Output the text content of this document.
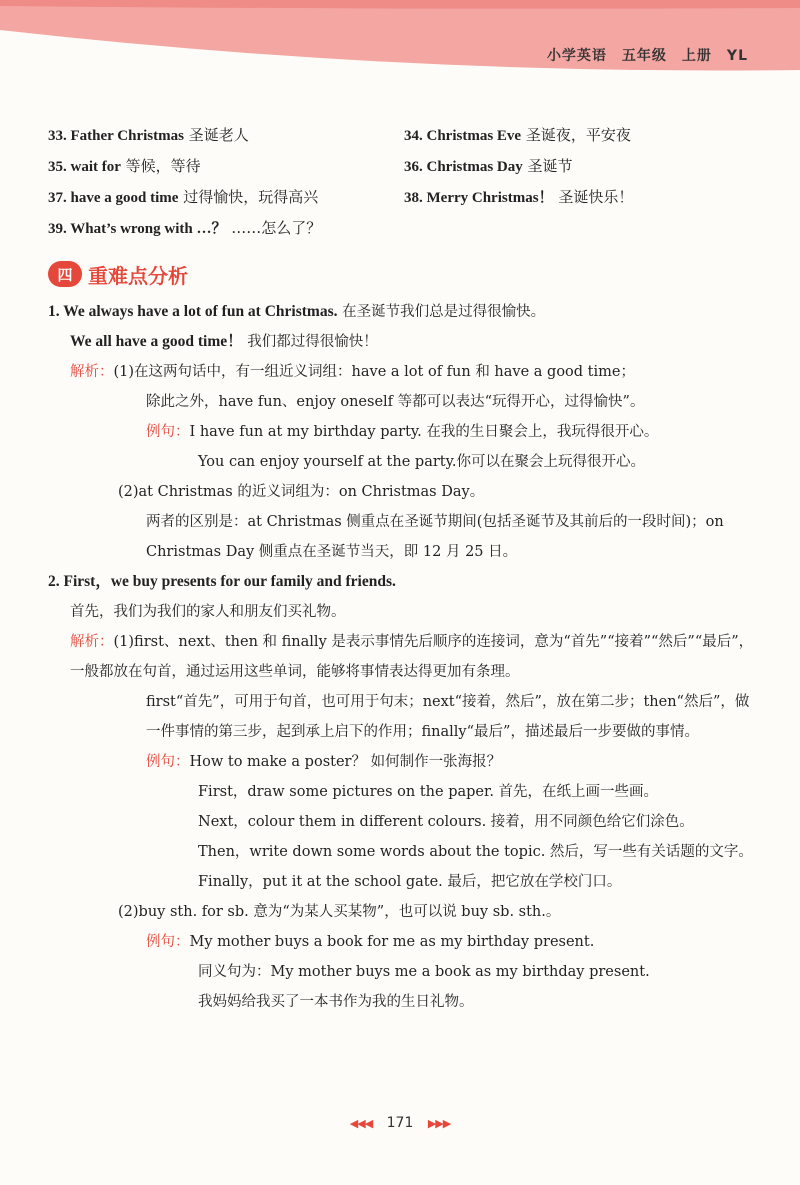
小学英语　五年级　上册　YL
33. Father Christmas 圣诞老人	34. Christmas Eve 圣诞夜，平安夜
35. wait for 等候，等待	36. Christmas Day 圣诞节
37. have a good time 过得愉快，玩得高兴	38. Merry Christmas！ 圣诞快乐！
39. What’s wrong with …？ ……怎么了？
四 重难点分析
1. We always have a lot of fun at Christmas. 在圣诞节我们总是过得很愉快。
We all have a good time！ 我们都过得很愉快！
解析：(1)在这两句话中，有一组近义词组：have a lot of fun 和 have a good time；
除此之外，have fun、enjoy oneself 等都可以表达“玩得开心，过得愉快”。
例句：I have fun at my birthday party. 在我的生日聚会上，我玩得很开心。
You can enjoy yourself at the party.你可以在聚会上玩得很开心。
(2)at Christmas 的近义词组为：on Christmas Day。
两者的区别是：at Christmas 侧重点在圣诞节期间(包括圣诞节及其前后的一段时间)；on Christmas Day 侧重点在圣诞节当天，即 12 月 25 日。
2. First，we buy presents for our family and friends.
首先，我们为我们的家人和朋友们买礼物。
解析：(1)first、next、then 和 finally 是表示事情先后顺序的连接词，意为“首先”“接着”“然后”“最后”，一般都放在句首，通过运用这些单词，能够将事情表达得更加有条理。
first“首先”，可用于句首，也可用于句末；next“接着，然后”，放在第二步；then“然后”，做一件事情的第三步，起到承上启下的作用；finally“最后”，描述最后一步要做的事情。
例句：How to make a poster？ 如何制作一张海报？
First，draw some pictures on the paper. 首先，在纸上画一些画。
Next，colour them in different colours. 接着，用不同颜色给它们涂色。
Then，write down some words about the topic. 然后，写一些有关话题的文字。
Finally，put it at the school gate. 最后，把它放在学校门口。
(2)buy sth. for sb. 意为“为某人买某物”，也可以说 buy sb. sth.。
例句：My mother buys a book for me as my birthday present.
同义句为：My mother buys me a book as my birthday present.
我妈妈给我买了一本书作为我的生日礼物。
◀◀◀ 171 ▶▶▶
